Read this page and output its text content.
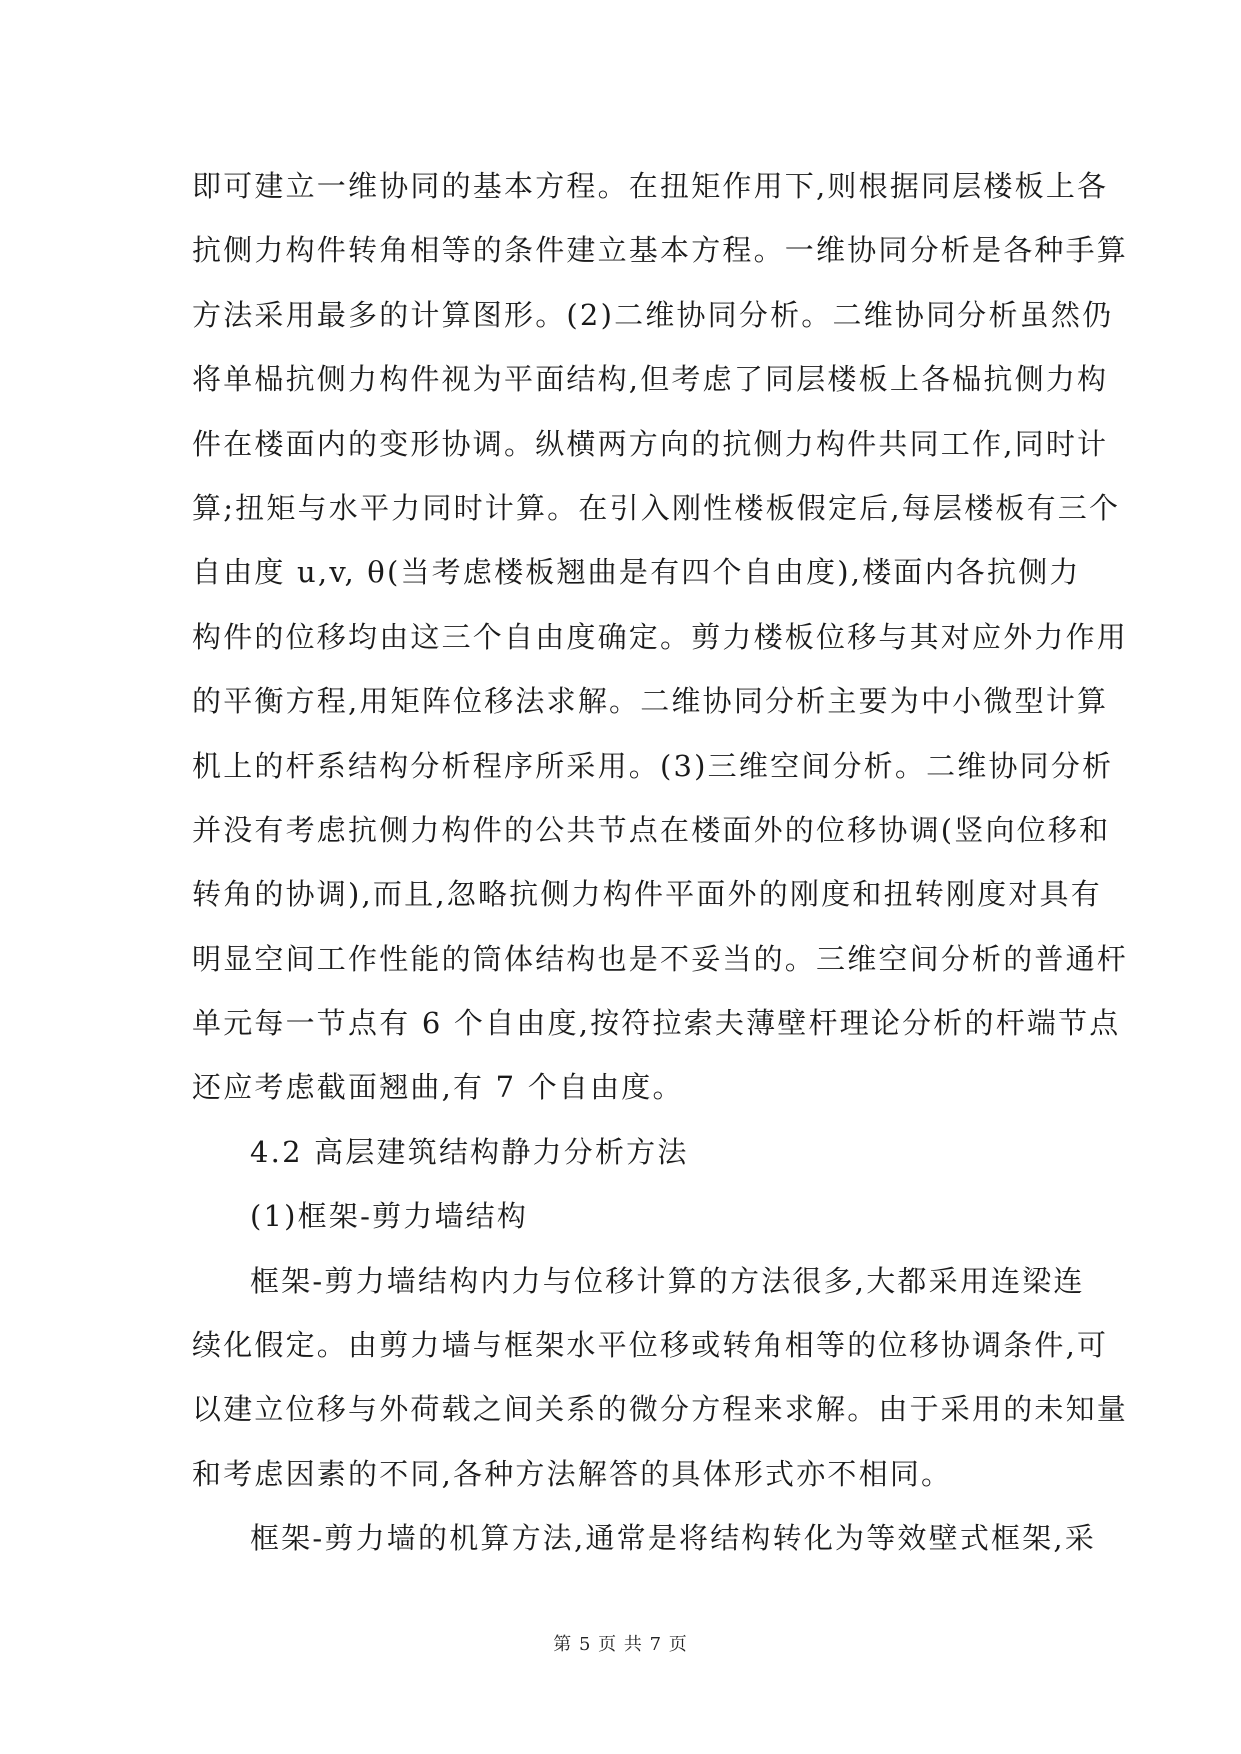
即可建立一维协同的基本方程。在扭矩作用下,则根据同层楼板上各
抗侧力构件转角相等的条件建立基本方程。一维协同分析是各种手算
方法采用最多的计算图形。(2)二维协同分析。二维协同分析虽然仍
将单榀抗侧力构件视为平面结构,但考虑了同层楼板上各榀抗侧力构
件在楼面内的变形协调。纵横两方向的抗侧力构件共同工作,同时计
算;扭矩与水平力同时计算。在引入刚性楼板假定后,每层楼板有三个
自由度 u,v, θ(当考虑楼板翘曲是有四个自由度),楼面内各抗侧力
构件的位移均由这三个自由度确定。剪力楼板位移与其对应外力作用
的平衡方程,用矩阵位移法求解。二维协同分析主要为中小微型计算
机上的杆系结构分析程序所采用。(3)三维空间分析。二维协同分析
并没有考虑抗侧力构件的公共节点在楼面外的位移协调(竖向位移和
转角的协调),而且,忽略抗侧力构件平面外的刚度和扭转刚度对具有
明显空间工作性能的筒体结构也是不妥当的。三维空间分析的普通杆
单元每一节点有 6 个自由度,按符拉索夫薄壁杆理论分析的杆端节点
还应考虑截面翘曲,有 7 个自由度。
4.2 高层建筑结构静力分析方法
(1)框架-剪力墙结构
框架-剪力墙结构内力与位移计算的方法很多,大都采用连梁连
续化假定。由剪力墙与框架水平位移或转角相等的位移协调条件,可
以建立位移与外荷载之间关系的微分方程来求解。由于采用的未知量
和考虑因素的不同,各种方法解答的具体形式亦不相同。
框架-剪力墙的机算方法,通常是将结构转化为等效壁式框架,采
第 5 页 共 7 页
